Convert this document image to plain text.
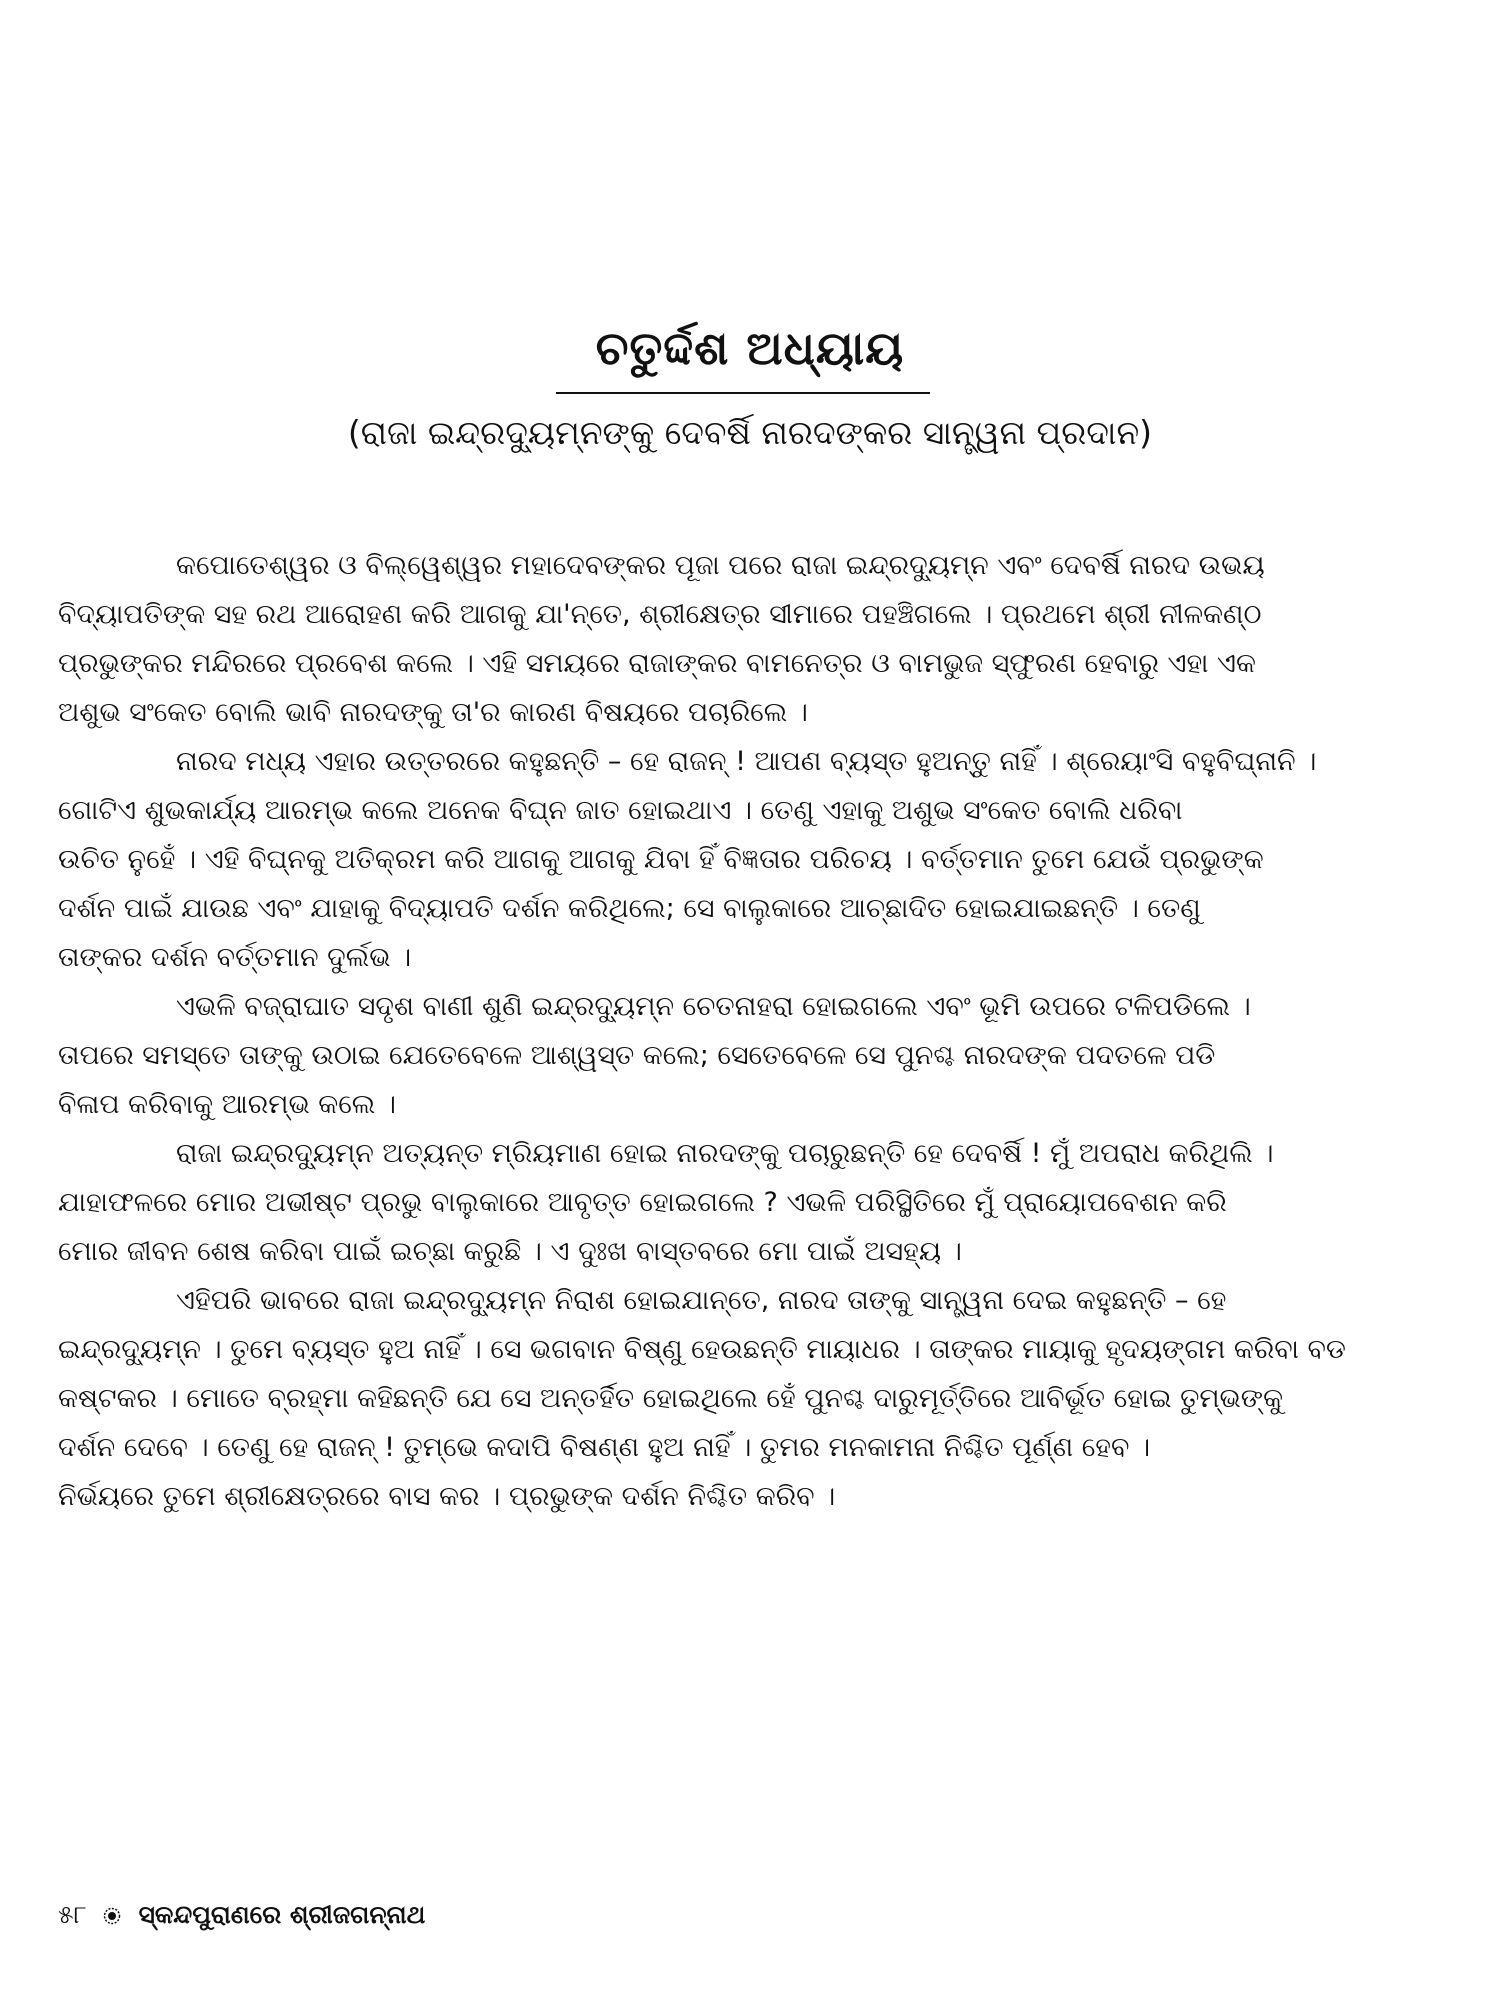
ଚତୁର୍ଦ୍ଦଶ ଅଧ୍ୟାୟ
(ରାଜା ଇନ୍ଦ୍ରଦ୍ୟୁମ୍ନଙ୍କୁ ଦେବର୍ଷି ନାରଦଙ୍କର ସାନ୍ତ୍ୱନା ପ୍ରଦାନ)
କପୋତେଶ୍ୱର ଓ ବିଲ୍ୱେଶ୍ୱର ମହାଦେବଙ୍କର ପୂଜା ପରେ ରାଜା ଇନ୍ଦ୍ରଦ୍ୟୁମ୍ନ ଏବଂ ଦେବର୍ଷି ନାରଦ ଉଭୟ
ବିଦ୍ୟାପତିଙ୍କ ସହ ରଥ ଆରୋହଣ କରି ଆଗକୁ ଯା'ନ୍ତେ, ଶ୍ରୀକ୍ଷେତ୍ର ସୀମାରେ ପହଞ୍ଚିଗଲେ । ପ୍ରଥମେ ଶ୍ରୀ ନୀଳକଣ୍ଠ
ପ୍ରଭୁଙ୍କର ମନ୍ଦିରରେ ପ୍ରବେଶ କଲେ । ଏହି ସମୟରେ ରାଜାଙ୍କର ବାମନେତ୍ର ଓ ବାମଭୁଜ ସ୍ଫୁରଣ ହେବାରୁ ଏହା ଏକ
ଅଶୁଭ ସଂକେତ ବୋଲି ଭାବି ନାରଦଙ୍କୁ ତା'ର କାରଣ ବିଷୟରେ ପଚାରିଲେ ।
ନାରଦ ମଧ୍ୟ ଏହାର ଉତ୍ତରରେ କହୁଛନ୍ତି – ହେ ରାଜନ୍ ! ଆପଣ ବ୍ୟସ୍ତ ହୁଅନ୍ତୁ ନାହିଁ । ଶ୍ରେୟାଂସି ବହୁବିଘ୍ନାନି ।
ଗୋଟିଏ ଶୁଭକାର୍ଯ୍ୟ ଆରମ୍ଭ କଲେ ଅନେକ ବିଘ୍ନ ଜାତ ହୋଇଥାଏ । ତେଣୁ ଏହାକୁ ଅଶୁଭ ସଂକେତ ବୋଲି ଧରିବା
ଉଚିତ ନୁହେଁ । ଏହି ବିଘ୍ନକୁ ଅତିକ୍ରମ କରି ଆଗକୁ ଆଗକୁ ଯିବା ହିଁ ବିଜ୍ଞତାର ପରିଚୟ । ବର୍ତ୍ତମାନ ତୁମେ ଯେଉଁ ପ୍ରଭୁଙ୍କ
ଦର୍ଶନ ପାଇଁ ଯାଉଛ ଏବଂ ଯାହାକୁ ବିଦ୍ୟାପତି ଦର୍ଶନ କରିଥିଲେ; ସେ ବାଲୁକାରେ ଆଚ୍ଛାଦିତ ହୋଇଯାଇଛନ୍ତି । ତେଣୁ
ତାଙ୍କର ଦର୍ଶନ ବର୍ତ୍ତମାନ ଦୁର୍ଲଭ ।
ଏଭଳି ବଜ୍ରାଘାତ ସଦୃଶ ବାଣୀ ଶୁଣି ଇନ୍ଦ୍ରଦ୍ୟୁମ୍ନ ଚେତନାହରା ହୋଇଗଲେ ଏବଂ ଭୂମି ଉପରେ ଟଳିପଡିଲେ ।
ତାପରେ ସମସ୍ତେ ତାଙ୍କୁ ଉଠାଇ ଯେତେବେଳେ ଆଶ୍ୱସ୍ତ କଲେ; ସେତେବେଳେ ସେ ପୁନଶ୍ଚ ନାରଦଙ୍କ ପଦତଳେ ପଡି
ବିଳାପ କରିବାକୁ ଆରମ୍ଭ କଲେ ।
ରାଜା ଇନ୍ଦ୍ରଦ୍ୟୁମ୍ନ ଅତ୍ୟନ୍ତ ମ୍ରିୟମାଣ ହୋଇ ନାରଦଙ୍କୁ ପଚାରୁଛନ୍ତି ହେ ଦେବର୍ଷି ! ମୁଁ ଅପରାଧ କରିଥିଲି ।
ଯାହାଫଳରେ ମୋର ଅଭୀଷ୍ଟ ପ୍ରଭୁ ବାଲୁକାରେ ଆବୃତ୍ତ ହୋଇଗଲେ ? ଏଭଳି ପରିସ୍ଥିତିରେ ମୁଁ ପ୍ରାୟୋପବେଶନ କରି
ମୋର ଜୀବନ ଶେଷ କରିବା ପାଇଁ ଇଚ୍ଛା କରୁଛି । ଏ ଦୁଃଖ ବାସ୍ତବରେ ମୋ ପାଇଁ ଅସହ୍ୟ ।
ଏହିପରି ଭାବରେ ରାଜା ଇନ୍ଦ୍ରଦ୍ୟୁମ୍ନ ନିରାଶ ହୋଇଯାନ୍ତେ, ନାରଦ ତାଙ୍କୁ ସାନ୍ତ୍ୱନା ଦେଇ କହୁଛନ୍ତି – ହେ
ଇନ୍ଦ୍ରଦ୍ୟୁମ୍ନ । ତୁମେ ବ୍ୟସ୍ତ ହୁଅ ନାହିଁ । ସେ ଭଗବାନ ବିଷ୍ଣୁ ହେଉଛନ୍ତି ମାୟାଧର । ତାଙ୍କର ମାୟାକୁ ହୃଦୟଙ୍ଗମ କରିବା ବଡ
କଷ୍ଟକର । ମୋତେ ବ୍ରହ୍ମା କହିଛନ୍ତି ଯେ ସେ ଅନ୍ତର୍ହିତ ହୋଇଥିଲେ ହେଁ ପୁନଶ୍ଚ ଦାରୁମୂର୍ତ୍ତିରେ ଆବିର୍ଭୂତ ହୋଇ ତୁମ୍ଭଙ୍କୁ
ଦର୍ଶନ ଦେବେ । ତେଣୁ ହେ ରାଜନ୍ ! ତୁମ୍ଭେ କଦାପି ବିଷଣ୍ଣ ହୁଅ ନାହିଁ । ତୁମର ମନକାମନା ନିଶ୍ଚିତ ପୂର୍ଣ୍ଣ ହେବ ।
ନିର୍ଭୟରେ ତୁମେ ଶ୍ରୀକ୍ଷେତ୍ରରେ ବାସ କର । ପ୍ରଭୁଙ୍କ ଦର୍ଶନ ନିଶ୍ଚିତ କରିବ ।
୫୮ ସ୍କନ୍ଦପୁରାଣରେ ଶ୍ରୀଜଗନ୍ନାଥ
